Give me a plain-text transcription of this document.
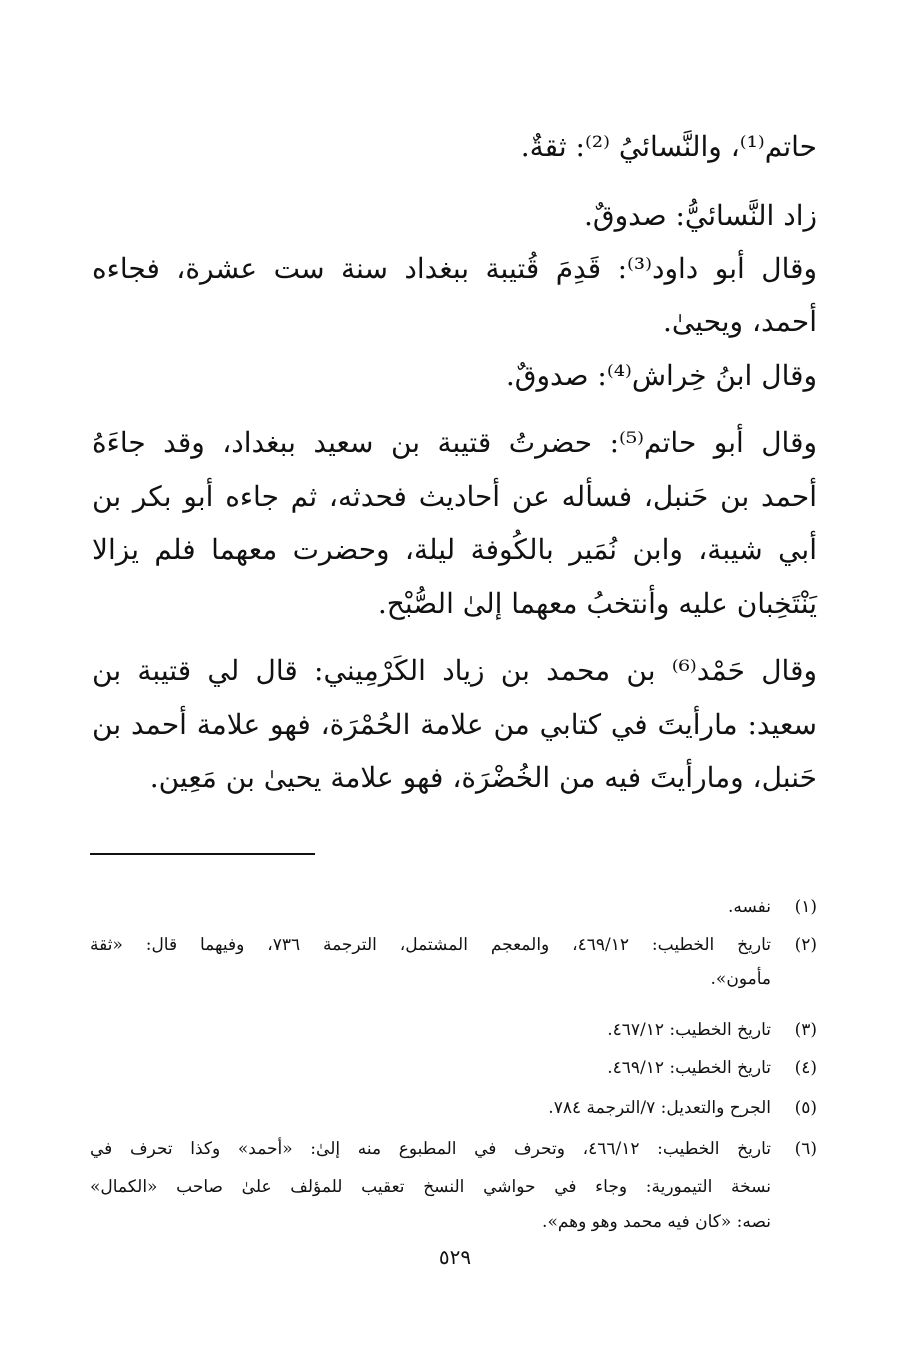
حاتم⁽¹⁾، والنَّسائيُ ⁽²⁾: ثقةٌ.
زاد النَّسائيُّ: صدوقٌ.
وقال أبو داود⁽³⁾: قَدِمَ قُتيبة ببغداد سنة ست عشرة، فجاءه
أحمد، ويحيىٰ.
وقال ابنُ خِراش⁽⁴⁾: صدوقٌ.
وقال أبو حاتم⁽⁵⁾: حضرتُ قتيبة بن سعيد ببغداد، وقد جاءَهُ
أحمد بن حَنبل، فسأله عن أحاديث فحدثه، ثم جاءه أبو بكر بن
أبي شيبة، وابن نُمَير بالكُوفة ليلة، وحضرت معهما فلم يزالا
يَنْتَخِبان عليه وأنتخبُ معهما إلىٰ الصُّبْح.
وقال حَمْد⁽⁶⁾ بن محمد بن زياد الكَرْمِيني: قال لي قتيبة بن
سعيد: مارأيتَ في كتابي من علامة الحُمْرَة، فهو علامة أحمد بن
حَنبل، ومارأيتَ فيه من الخُضْرَة، فهو علامة يحيىٰ بن مَعِين.
(١)
نفسه.
(٢)
تاريخ الخطيب: ٤٦٩/١٢، والمعجم المشتمل، الترجمة ٧٣٦، وفيهما قال: «ثقة
مأمون».
(٣)
تاريخ الخطيب: ٤٦٧/١٢.
(٤)
تاريخ الخطيب: ٤٦٩/١٢.
(٥)
الجرح والتعديل: ٧/الترجمة ٧٨٤.
(٦)
تاريخ الخطيب: ٤٦٦/١٢، وتحرف في المطبوع منه إلىٰ: «أحمد» وكذا تحرف في
نسخة التيمورية: وجاء في حواشي النسخ تعقيب للمؤلف علىٰ صاحب «الكمال»
نصه: «كان فيه محمد وهو وهم».
٥٢٩
